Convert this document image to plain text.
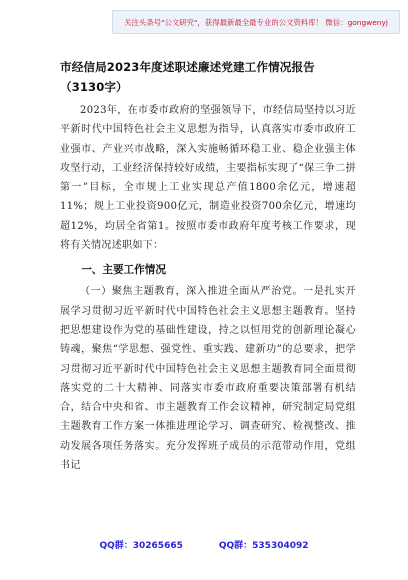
关注头条号"公文研究"，获得最新最全最专业的公文资料库！ 微信：gongwenyj
市经信局2023年度述职述廉述党建工作情况报告（3130字）

2023年，在市委市政府的坚强领导下，市经信局坚持以习近平新时代中国特色社会主义思想为指导，认真落实市委市政府工业强市、产业兴市战略，深入实施畅循环稳工业、稳企业强主体攻坚行动，工业经济保持较好成绩，主要指标实现了“保三争二拼第一”目标，全市规上工业实现总产值1800余亿元，增速超11%；规上工业投资900亿元，制造业投资700余亿元，增速均超12%，均居全省第1。按照市委市政府年度考核工作要求，现将有关情况述职如下：

一、主要工作情况

（一）聚焦主题教育，深入推进全面从严治党。一是扎实开展学习贯彻习近平新时代中国特色社会主义思想主题教育。坚持把思想建设作为党的基础性建设，持之以恒用党的创新理论凝心铸魂，聚焦“学思想、强党性、重实践、建新功”的总要求，把学习贯彻习近平新时代中国特色社会主义思想主题教育同全面贯彻落实党的二十大精神、同落实市委市政府重要决策部署有机结合，结合中央和省、市主题教育工作会议精神，研究制定局党组主题教育工作方案一体推进理论学习、调查研究、检视整改、推动发展各项任务落实。充分发挥班子成员的示范带动作用，党组书记

QQ群：30265665	QQ群：535304092
